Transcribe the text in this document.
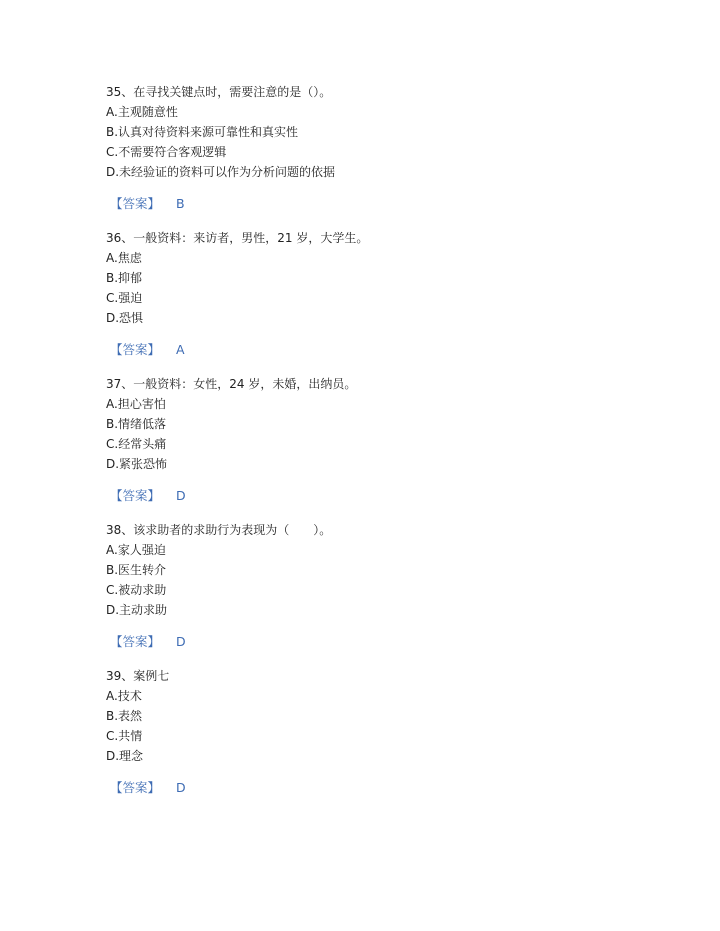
35、在寻找关键点时，需要注意的是（）。
A.主观随意性
B.认真对待资料来源可靠性和真实性
C.不需要符合客观逻辑
D.未经验证的资料可以作为分析问题的依据
【答案】 B
36、一般资料：来访者，男性，21 岁，大学生。
A.焦虑
B.抑郁
C.强迫
D.恐惧
【答案】 A
37、一般资料：女性，24 岁，未婚，出纳员。
A.担心害怕
B.情绪低落
C.经常头痛
D.紧张恐怖
【答案】 D
38、该求助者的求助行为表现为（　　）。
A.家人强迫
B.医生转介
C.被动求助
D.主动求助
【答案】 D
39、案例七
A.技术
B.表然
C.共情
D.理念
【答案】 D
